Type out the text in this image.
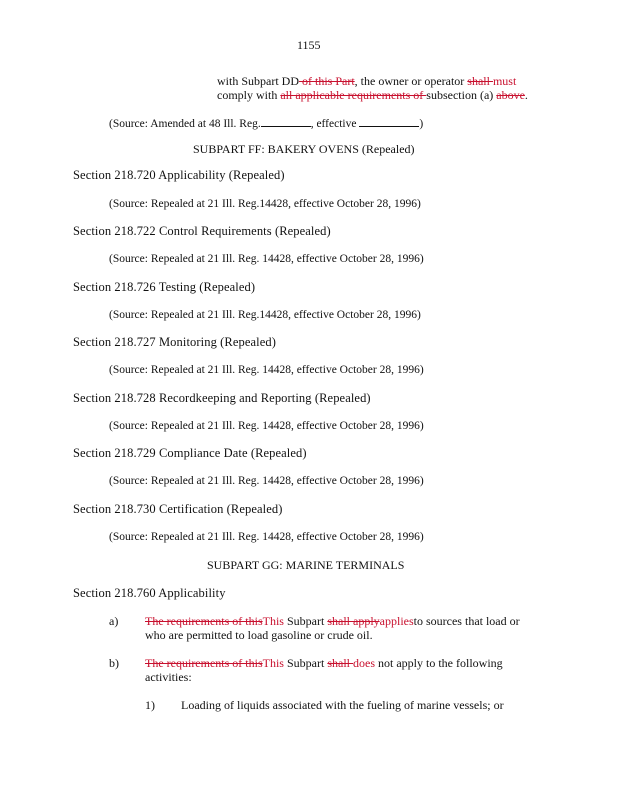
1155
with Subpart DD of this Part, the owner or operator shall must
comply with all applicable requirements of subsection (a) above.
(Source: Amended at 48 Ill. Reg.	, effective	)
SUBPART FF: BAKERY OVENS (Repealed)
Section 218.720 Applicability (Repealed)
(Source: Repealed at 21 Ill. Reg.14428, effective October 28, 1996)
Section 218.722 Control Requirements (Repealed)
(Source: Repealed at 21 Ill. Reg. 14428, effective October 28, 1996)
Section 218.726 Testing (Repealed)
(Source: Repealed at 21 Ill. Reg.14428, effective October 28, 1996)
Section 218.727 Monitoring (Repealed)
(Source: Repealed at 21 Ill. Reg. 14428, effective October 28, 1996)
Section 218.728 Recordkeeping and Reporting (Repealed)
(Source: Repealed at 21 Ill. Reg. 14428, effective October 28, 1996)
Section 218.729 Compliance Date (Repealed)
(Source: Repealed at 21 Ill. Reg. 14428, effective October 28, 1996)
Section 218.730 Certification (Repealed)
(Source: Repealed at 21 Ill. Reg. 14428, effective October 28, 1996)
SUBPART GG: MARINE TERMINALS
Section 218.760 Applicability
a) The requirements of thisThis Subpart shall applyappliesto sources that load or
who are permitted to load gasoline or crude oil.
b) The requirements of thisThis Subpart shall does not apply to the following
activities:
1) Loading of liquids associated with the fueling of marine vessels; or
